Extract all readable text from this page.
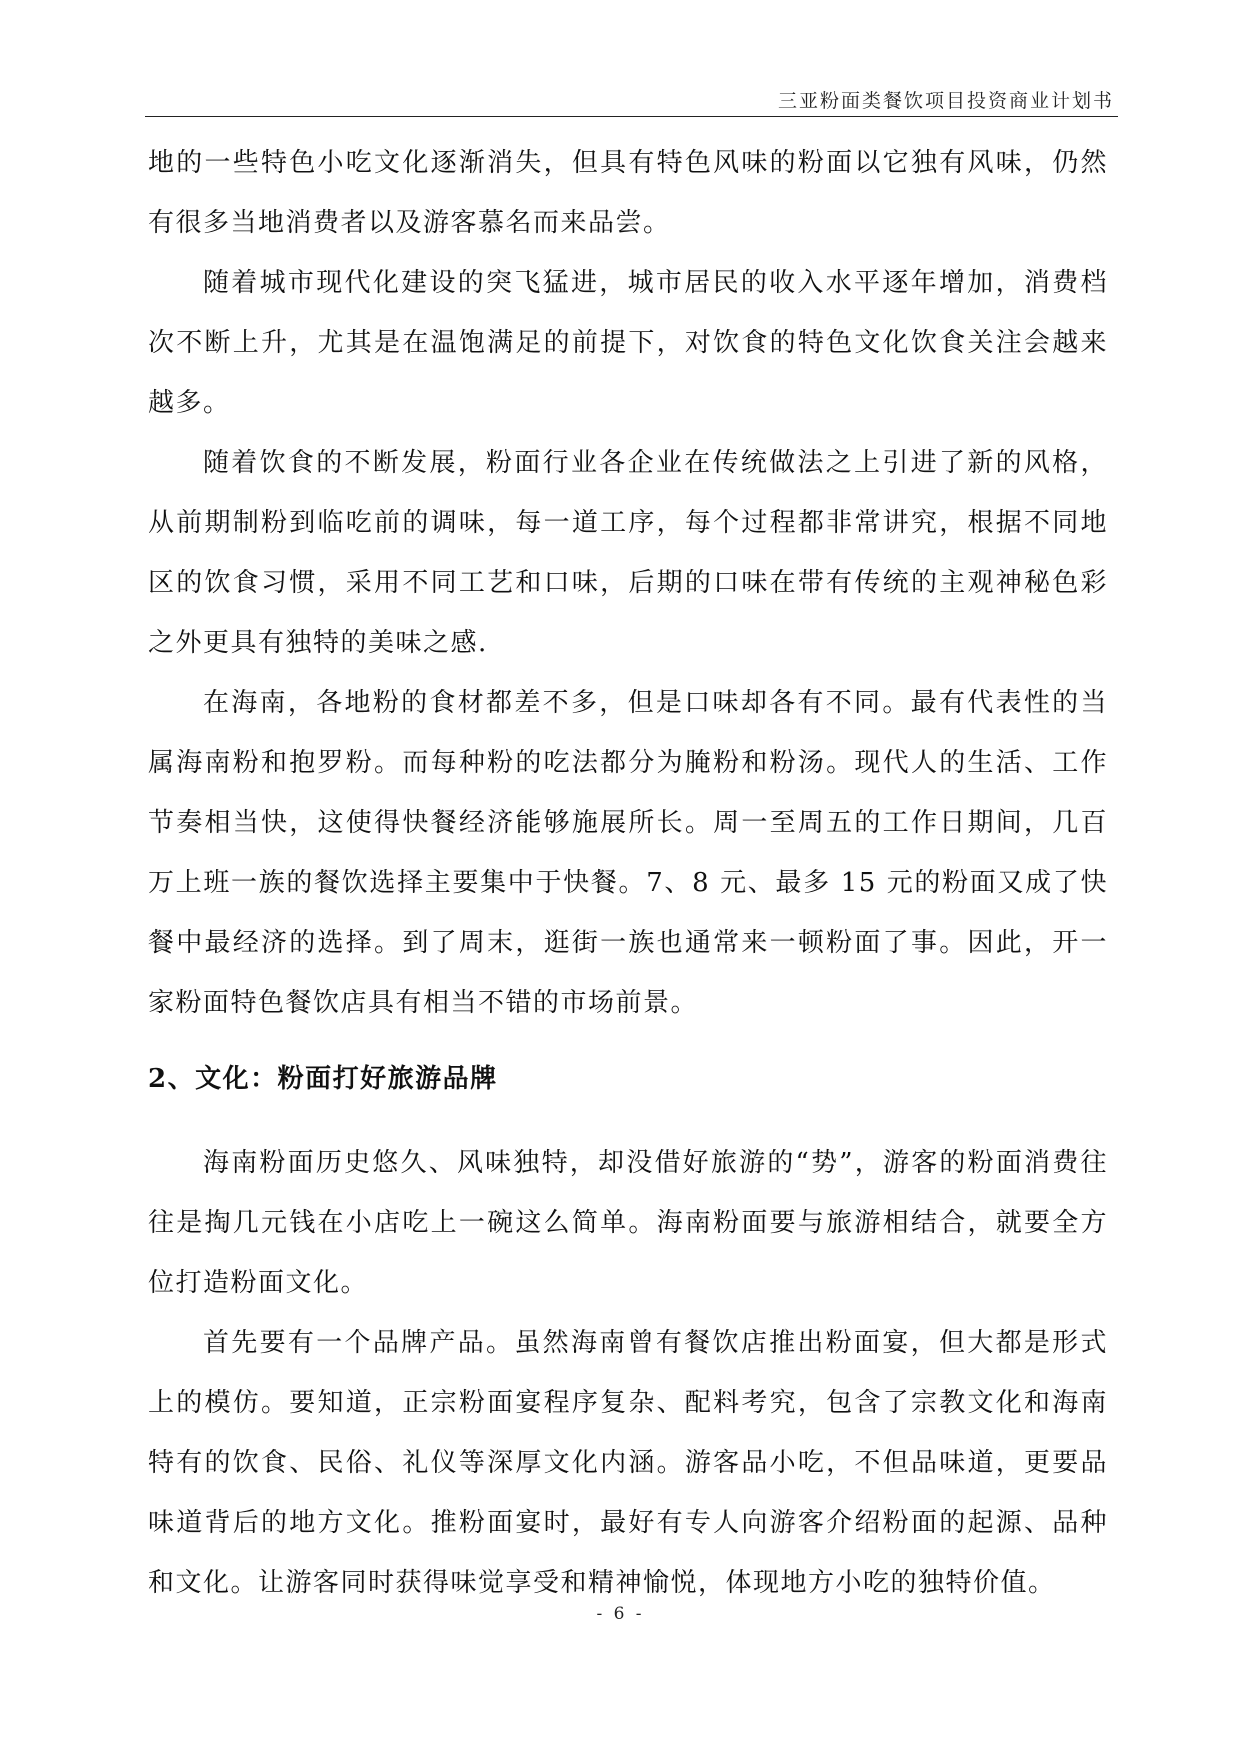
三亚粉面类餐饮项目投资商业计划书

地的一些特色小吃文化逐渐消失，但具有特色风味的粉面以它独有风味，仍然有很多当地消费者以及游客慕名而来品尝。

随着城市现代化建设的突飞猛进，城市居民的收入水平逐年增加，消费档次不断上升，尤其是在温饱满足的前提下，对饮食的特色文化饮食关注会越来越多。

随着饮食的不断发展，粉面行业各企业在传统做法之上引进了新的风格，从前期制粉到临吃前的调味，每一道工序，每个过程都非常讲究，根据不同地区的饮食习惯，采用不同工艺和口味，后期的口味在带有传统的主观神秘色彩之外更具有独特的美味之感.

在海南，各地粉的食材都差不多，但是口味却各有不同。最有代表性的当属海南粉和抱罗粉。而每种粉的吃法都分为腌粉和粉汤。现代人的生活、工作节奏相当快，这使得快餐经济能够施展所长。周一至周五的工作日期间，几百万上班一族的餐饮选择主要集中于快餐。7、8 元、最多 15 元的粉面又成了快餐中最经济的选择。到了周末，逛街一族也通常来一顿粉面了事。因此，开一家粉面特色餐饮店具有相当不错的市场前景。

2、文化：粉面打好旅游品牌

海南粉面历史悠久、风味独特，却没借好旅游的“势”，游客的粉面消费往往是掏几元钱在小店吃上一碗这么简单。海南粉面要与旅游相结合，就要全方位打造粉面文化。

首先要有一个品牌产品。虽然海南曾有餐饮店推出粉面宴，但大都是形式上的模仿。要知道，正宗粉面宴程序复杂、配料考究，包含了宗教文化和海南特有的饮食、民俗、礼仪等深厚文化内涵。游客品小吃，不但品味道，更要品味道背后的地方文化。推粉面宴时，最好有专人向游客介绍粉面的起源、品种和文化。让游客同时获得味觉享受和精神愉悦，体现地方小吃的独特价值。

- 6 -
